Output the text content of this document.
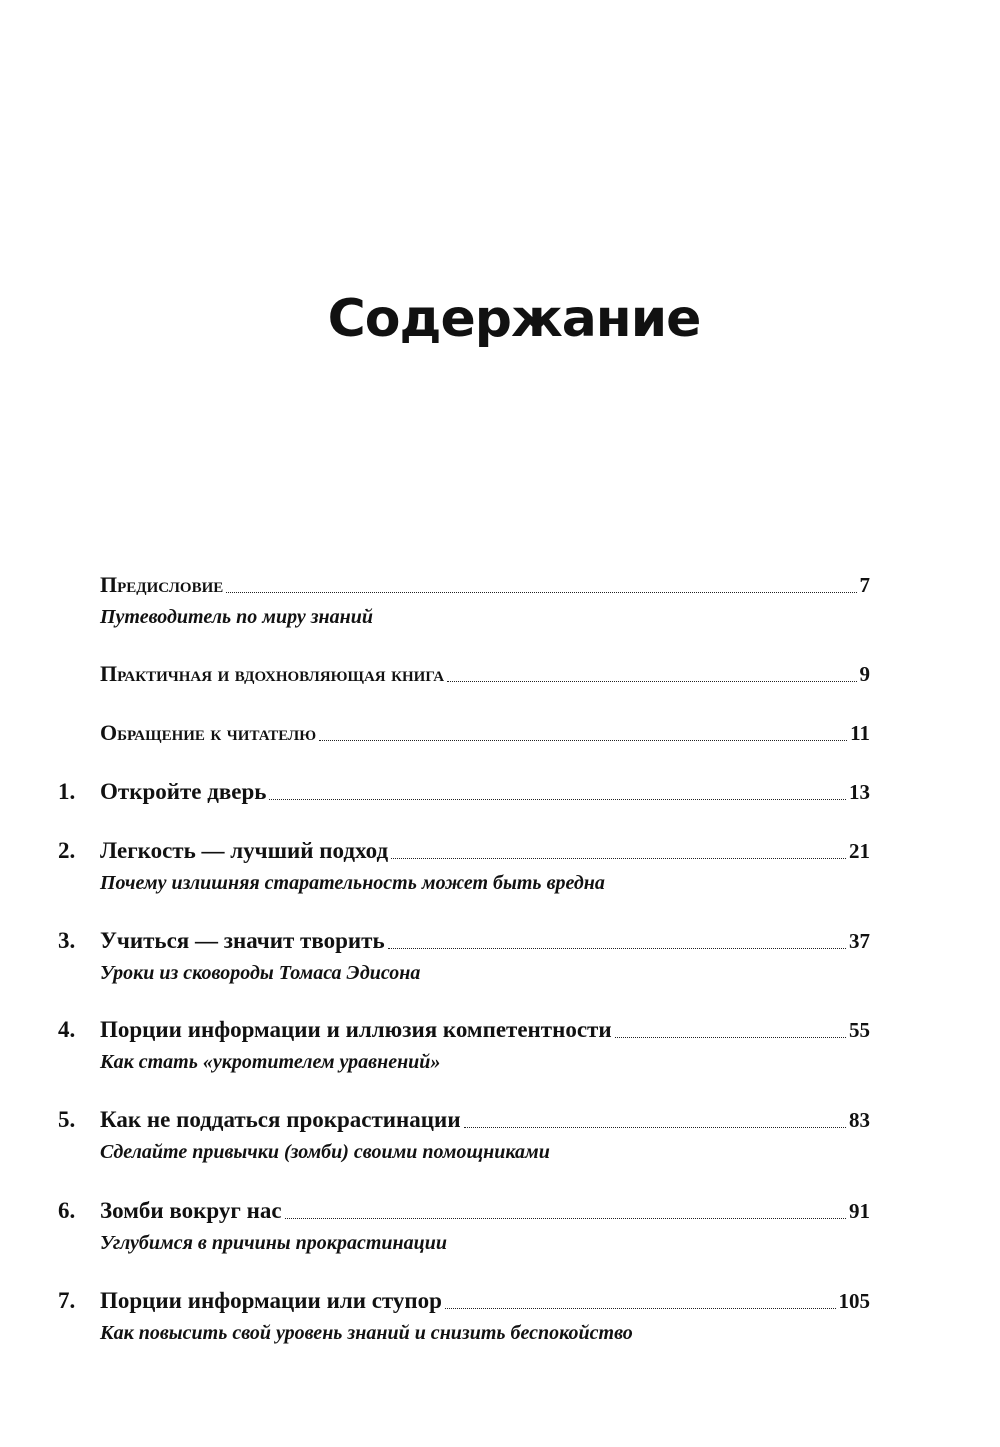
Содержание
Предисловие	7
Путеводитель по миру знаний
Практичная и вдохновляющая книга	9
Обращение к читателю	11
1. Откройте дверь	13
2. Легкость — лучший подход	21
Почему излишняя старательность может быть вредна
3. Учиться — значит творить	37
Уроки из сковороды Томаса Эдисона
4. Порции информации и иллюзия компетентности	55
Как стать «укротителем уравнений»
5. Как не поддаться прокрастинации	83
Сделайте привычки (зомби) своими помощниками
6. Зомби вокруг нас	91
Углубимся в причины прокрастинации
7. Порции информации или ступор	105
Как повысить свой уровень знаний и снизить беспокойство
